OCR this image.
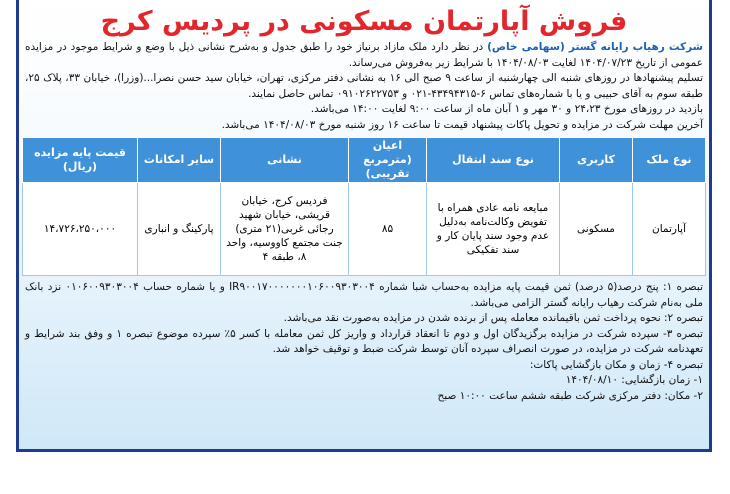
فروش آپارتمان مسکونی در پردیس کرج
شرکت رهیاب رایانه گستر (سهامی خاص) در نظر دارد ملک مازاد برنیاز خود را طبق جدول و به‌شرح نشانی ذیل با وضع و شرایط موجود در مزایده عمومی از تاریخ ۱۴۰۴/۰۷/۲۳ لغایت ۱۴۰۴/۰۸/۰۳ با شرایط زیر به‌فروش می‌رساند.
تسلیم پیشنهادها در روزهای شنبه الی چهارشنبه از ساعت ۹ صبح الی ۱۶ به نشانی دفتر مرکزی، تهران، خیابان سید حسن نصرا...(وزرا)، خیابان ۳۳، پلاک ۲۵، طبقه سوم به آقای حبیبی و یا با شماره‌های تماس ۶-۴۳۴۹۴۳۱۵-۰۲۱ و ۰۹۱۰۲۶۲۲۷۵۳ تماس حاصل نمایند.
بازدید در روزهای مورخ ۲۴،۲۳ و ۳۰ مهر و ۱ آبان ماه از ساعت ۹:۰۰ لغایت ۱۴:۰۰ می‌باشد.
آخرین مهلت شرکت در مزایده و تحویل پاکات پیشنهاد قیمت تا ساعت ۱۶ روز شنبه مورخ ۱۴۰۴/۰۸/۰۳ می‌باشد.
نوع ملک	کاربری	نوع سند انتقال	اعیان (مترمربع تقریبی)	نشانی	سایر امکانات	قیمت پایه مزایده (ریال)
آپارتمان	مسکونی	مبایعه نامه عادی همراه با تفویض وکالت‌نامه به‌دلیل عدم وجود سند پایان کار و سند تفکیکی	۸۵	فردیس کرج، خیابان قریشی، خیابان شهید رجائی غربی(۲۱ متری) جنت مجتمع کاووسیه، واحد ۸، طبقه ۴	پارکینگ و انباری	۱۴،۷۲۶،۲۵۰،۰۰۰
تبصره ۱: پنج درصد(۵ درصد) ثمن قیمت پایه مزایده به‌حساب شبا شماره IR۹۰۰۱۷۰۰۰۰۰۰۰۱۰۶۰۰۹۳۰۳۰۰۴ و یا شماره حساب ۰۱۰۶۰۰۹۳۰۳۰۰۴ نزد بانک ملی به‌نام شرکت رهیاب رایانه گستر الزامی می‌باشد.
تبصره ۲: نحوه پرداخت ثمن باقیمانده معامله پس از برنده شدن در مزایده به‌صورت نقد می‌باشد.
تبصره ۳- سپرده شرکت در مزایده برگزیدگان اول و دوم تا انعقاد قرارداد و واریز کل ثمن معامله با کسر ۵٪ سپرده موضوع تبصره ۱ و وفق بند شرایط و تعهدنامه شرکت در مزایده، در صورت انصراف سپرده آنان توسط شرکت ضبط و توقیف خواهد شد.
تبصره ۴- زمان و مکان بازگشایی پاکات:
۱- زمان بازگشایی: ۱۴۰۴/۰۸/۱۰
۲- مکان: دفتر مرکزی شرکت طبقه ششم ساعت ۱۰:۰۰ صبح
